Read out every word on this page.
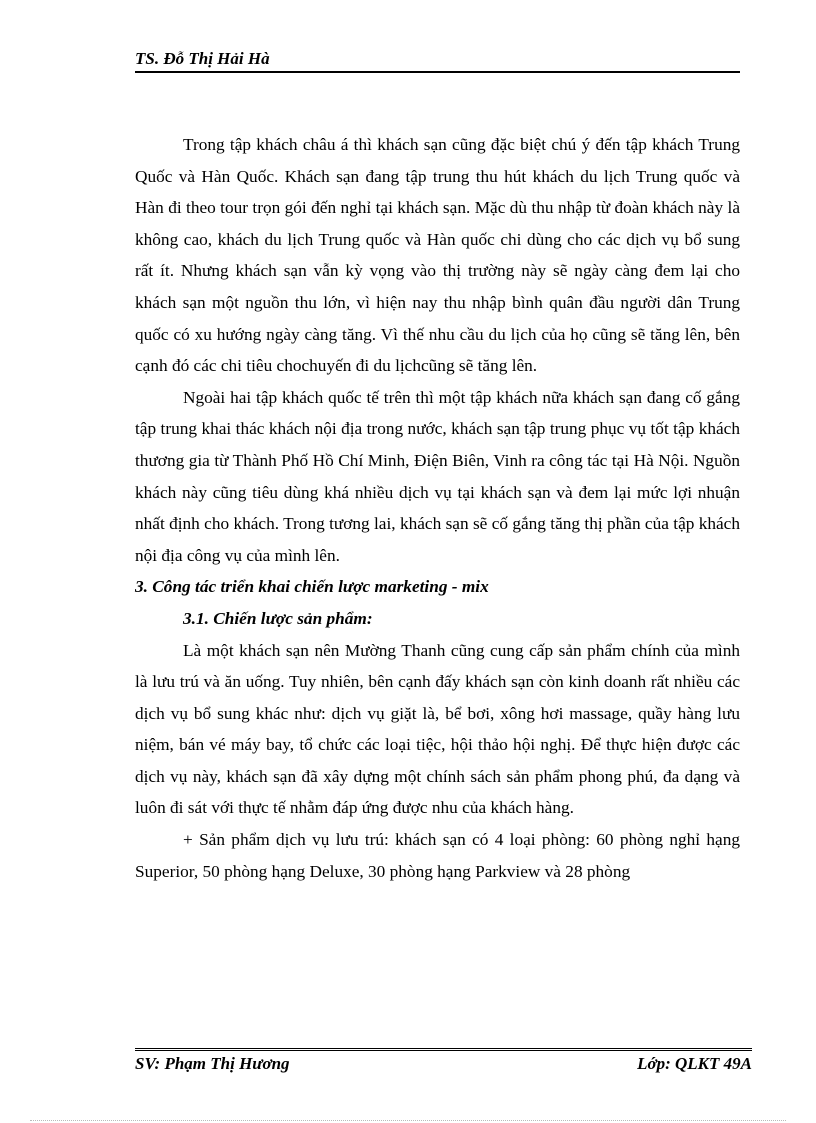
TS. Đỗ Thị Hải Hà

Trong tập khách châu á thì khách sạn cũng đặc biệt chú ý đến tập khách Trung Quốc và Hàn Quốc. Khách sạn đang tập trung thu hút khách du lịch Trung quốc và Hàn đi theo tour trọn gói đến nghỉ tại khách sạn. Mặc dù thu nhập từ đoàn khách này là không cao, khách du lịch Trung quốc và Hàn quốc chi dùng cho các dịch vụ bổ sung rất ít. Nhưng khách sạn vẫn kỳ vọng vào thị trường này sẽ ngày càng đem lại cho khách sạn một nguồn thu lớn, vì hiện nay thu nhập bình quân đầu người dân Trung quốc có xu hướng ngày càng tăng. Vì thế nhu cầu du lịch của họ cũng sẽ tăng lên, bên cạnh đó các chi tiêu chochuyến đi du lịchcũng sẽ tăng lên.

Ngoài hai tập khách quốc tế trên thì một tập khách nữa khách sạn đang cố gắng tập trung khai thác khách nội địa trong nước, khách sạn tập trung phục vụ tốt tập khách thương gia từ Thành Phố Hồ Chí Minh, Điện Biên, Vinh ra công tác tại Hà Nội. Nguồn khách này cũng tiêu dùng khá nhiều dịch vụ tại khách sạn và đem lại mức lợi nhuận nhất định cho khách. Trong tương lai, khách sạn sẽ cố gắng tăng thị phần của tập khách nội địa công vụ của mình lên.

3. Công tác triển khai chiến lược marketing - mix

3.1. Chiến lược sản phẩm:

Là một khách sạn nên Mường Thanh cũng cung cấp sản phẩm chính của mình là lưu trú và ăn uống. Tuy nhiên, bên cạnh đấy khách sạn còn kinh doanh rất nhiều các dịch vụ bổ sung khác như: dịch vụ giặt là, bể bơi, xông hơi massage, quầy hàng lưu niệm, bán vé máy bay, tổ chức các loại tiệc, hội thảo hội nghị. Để thực hiện được các dịch vụ này, khách sạn đã xây dựng một chính sách sản phẩm phong phú, đa dạng và luôn đi sát với thực tế nhằm đáp ứng được nhu của khách hàng.

+ Sản phẩm dịch vụ lưu trú: khách sạn có 4 loại phòng: 60 phòng nghỉ hạng Superior, 50 phòng hạng Deluxe, 30 phòng hạng Parkview và 28 phòng

SV: Phạm Thị Hương	Lớp: QLKT 49A
